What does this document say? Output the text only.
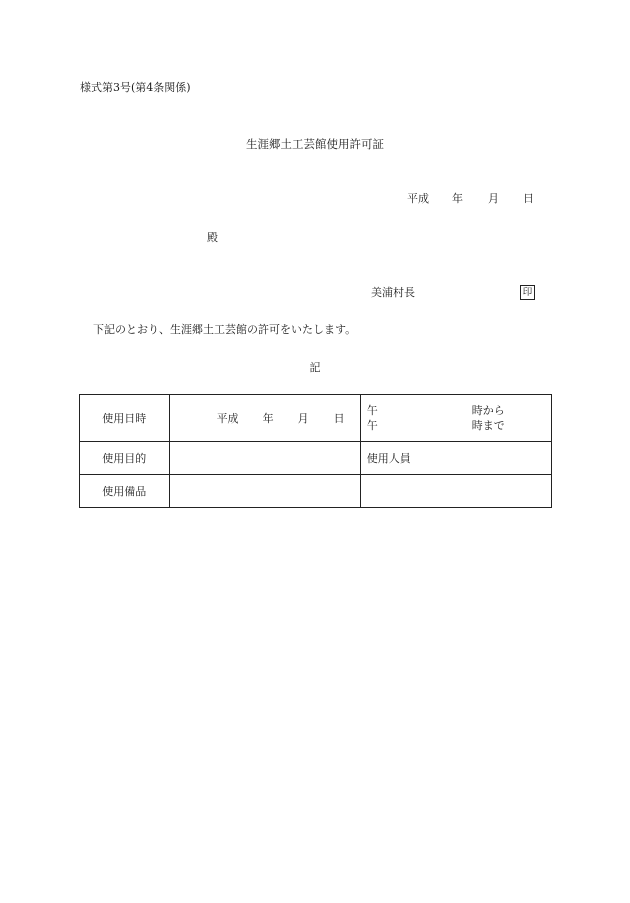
様式第3号(第4条関係)
生涯郷土工芸館使用許可証
平成 年 月 日
殿
美浦村長	印
下記のとおり、生涯郷土工芸館の許可をいたします。
記
使用日時	平成 年 月 日	午 時から
午 時まで

使用目的		使用人員
使用備品		
